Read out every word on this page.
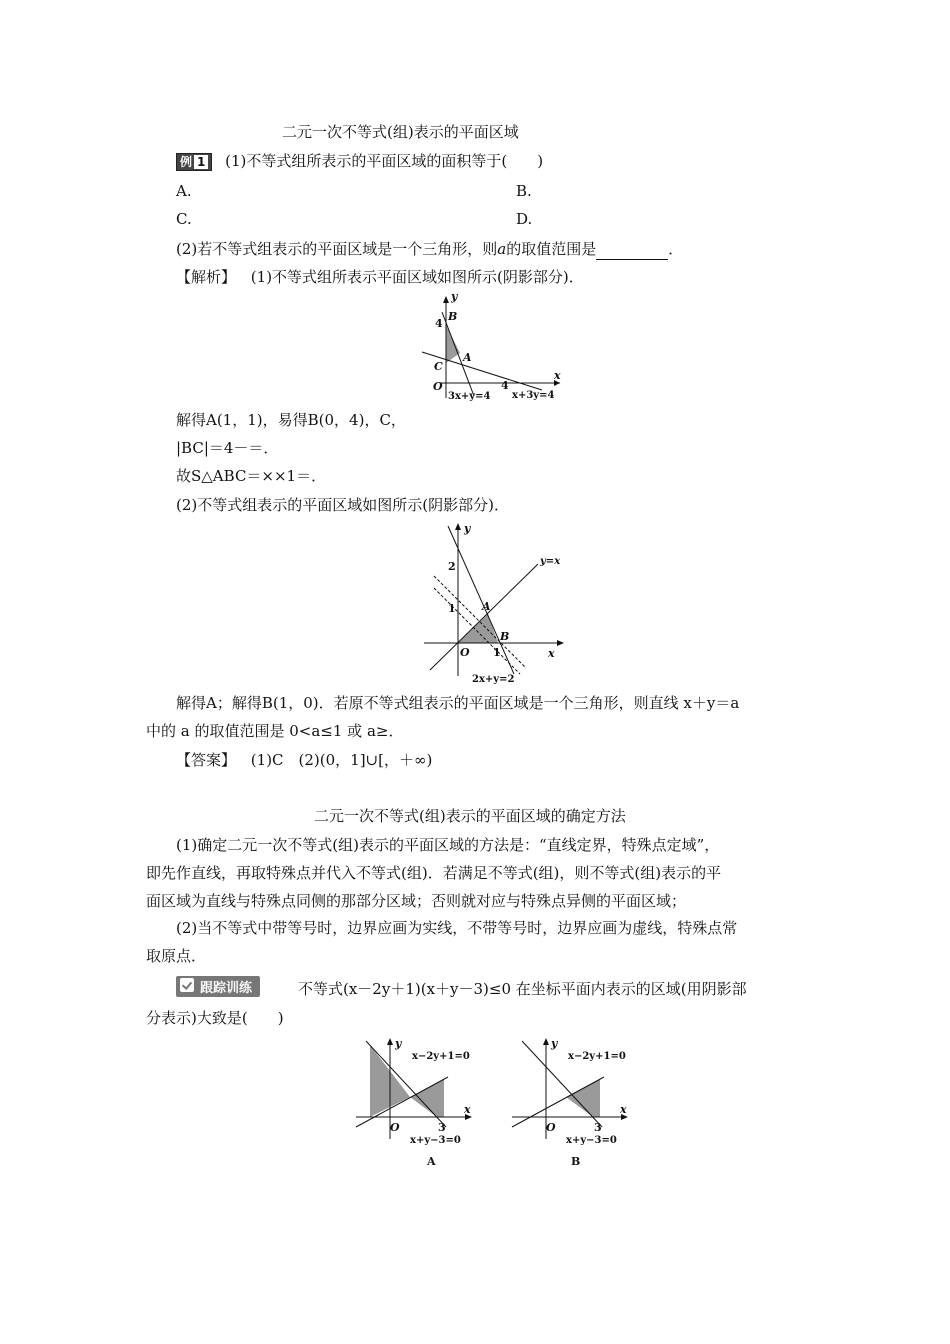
二元一次不等式(组)表示的平面区域
例 1 (1)不等式组所表示的平面区域的面积等于(　　)
A.	B.
C.	D.
(2)若不等式组表示的平面区域是一个三角形，则a的取值范围是	．
【解析】 (1)不等式组所表示平面区域如图所示(阴影部分)．
y
x
4
B
A
C
O	4
3x+y=4 x+3y=4
解得A(1，1)，易得B(0，4)，C，
|BC|＝4－＝．
故S△ABC＝××1＝．
(2)不等式组表示的平面区域如图所示(阴影部分)．
y
y=x
2
1 A
B
O 1	x
2x+y=2
解得A；解得B(1，0)．若原不等式组表示的平面区域是一个三角形，则直线 x＋y＝a
中的 a 的取值范围是 0<a≤1 或 a≥．
【答案】 (1)C　(2)(0，1]∪[，＋∞)
二元一次不等式(组)表示的平面区域的确定方法
(1)确定二元一次不等式(组)表示的平面区域的方法是：“直线定界，特殊点定域”，
即先作直线，再取特殊点并代入不等式(组)．若满足不等式(组)，则不等式(组)表示的平
面区域为直线与特殊点同侧的那部分区域；否则就对应与特殊点异侧的平面区域；
(2)当不等式中带等号时，边界应画为实线，不带等号时，边界应画为虚线，特殊点常
取原点．
跟踪训练	不等式(x－2y＋1)(x＋y－3)≤0 在坐标平面内表示的区域(用阴影部
分表示)大致是(　　)
y
x−2y+1=0
O	3
x
x+y−3=0
A
y
x−2y+1=0
O	3
x
x+y−3=0
B
